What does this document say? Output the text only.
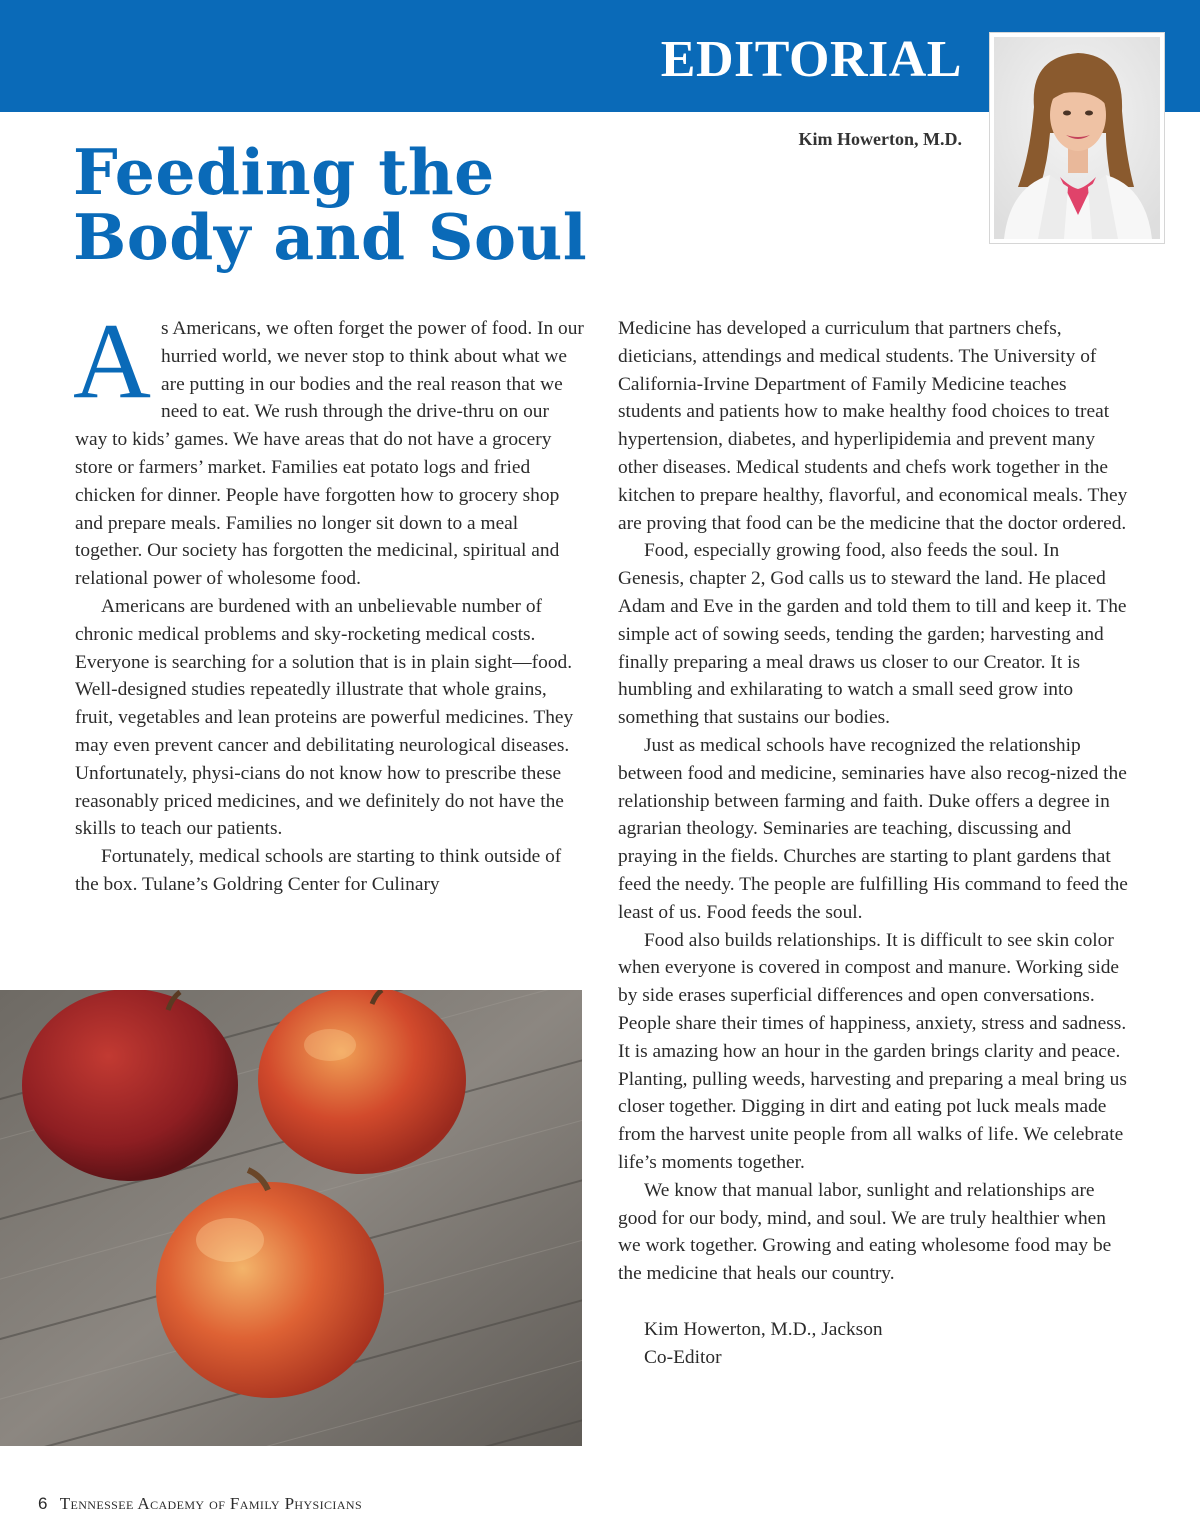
EDITORIAL
Kim Howerton, M.D.
Feeding the
Body and Soul

As Americans, we often forget the power of food. In our hurried world, we never stop to think about what we are putting in our bodies and the real reason that we need to eat. We rush through the drive-thru on our way to kids’ games. We have areas that do not have a grocery store or farmers’ market. Families eat potato logs and fried chicken for dinner. People have forgotten how to grocery shop and prepare meals. Families no longer sit down to a meal together. Our society has forgotten the medicinal, spiritual and relational power of wholesome food.

Americans are burdened with an unbelievable number of chronic medical problems and sky-rocketing medical costs. Everyone is searching for a solution that is in plain sight—food. Well-designed studies repeatedly illustrate that whole grains, fruit, vegetables and lean proteins are powerful medicines. They may even prevent cancer and debilitating neurological diseases. Unfortunately, physi-cians do not know how to prescribe these reasonably priced medicines, and we definitely do not have the skills to teach our patients.

Fortunately, medical schools are starting to think outside of the box. Tulane’s Goldring Center for Culinary

Medicine has developed a curriculum that partners chefs, dieticians, attendings and medical students. The University of California-Irvine Department of Family Medicine teaches students and patients how to make healthy food choices to treat hypertension, diabetes, and hyperlipidemia and prevent many other diseases. Medical students and chefs work together in the kitchen to prepare healthy, flavorful, and economical meals. They are proving that food can be the medicine that the doctor ordered.

Food, especially growing food, also feeds the soul. In Genesis, chapter 2, God calls us to steward the land. He placed Adam and Eve in the garden and told them to till and keep it. The simple act of sowing seeds, tending the garden; harvesting and finally preparing a meal draws us closer to our Creator. It is humbling and exhilarating to watch a small seed grow into something that sustains our bodies.

Just as medical schools have recognized the relationship between food and medicine, seminaries have also recog-nized the relationship between farming and faith. Duke offers a degree in agrarian theology. Seminaries are teaching, discussing and praying in the fields. Churches are starting to plant gardens that feed the needy. The people are fulfilling His command to feed the least of us. Food feeds the soul.

Food also builds relationships. It is difficult to see skin color when everyone is covered in compost and manure. Working side by side erases superficial differences and open conversations. People share their times of happiness, anxiety, stress and sadness. It is amazing how an hour in the garden brings clarity and peace. Planting, pulling weeds, harvesting and preparing a meal bring us closer together. Digging in dirt and eating pot luck meals made from the harvest unite people from all walks of life. We celebrate life’s moments together.

We know that manual labor, sunlight and relationships are good for our body, mind, and soul. We are truly healthier when we work together. Growing and eating wholesome food may be the medicine that heals our country.

Kim Howerton, M.D., Jackson
Co-Editor
6 Tennessee Academy of Family Physicians
